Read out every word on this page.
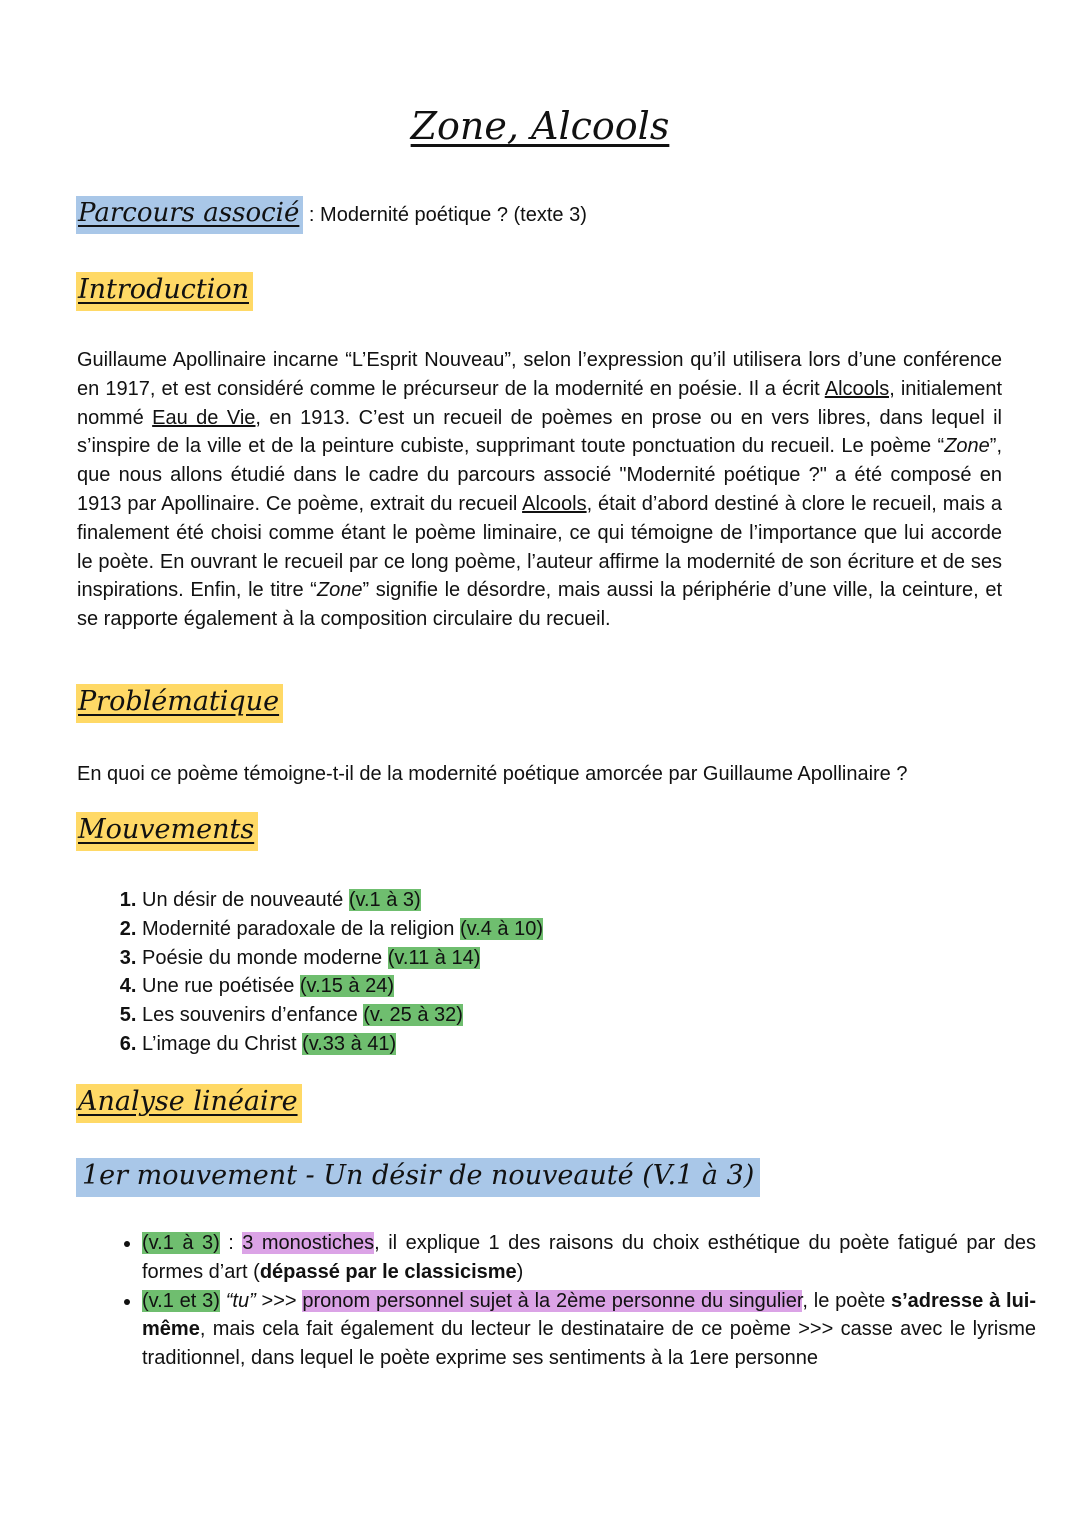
Zone, Alcools
Parcours associé : Modernité poétique ? (texte 3)
Introduction

Guillaume Apollinaire incarne “L’Esprit Nouveau”, selon l’expression qu’il utilisera lors d’une conférence en 1917, et est considéré comme le précurseur de la modernité en poésie. Il a écrit Alcools, initialement nommé Eau de Vie, en 1913. C’est un recueil de poèmes en prose ou en vers libres, dans lequel il s’inspire de la ville et de la peinture cubiste, supprimant toute ponctuation du recueil. Le poème “Zone”, que nous allons étudié dans le cadre du parcours associé "Modernité poétique ?" a été composé en 1913 par Apollinaire. Ce poème, extrait du recueil Alcools, était d’abord destiné à clore le recueil, mais a finalement été choisi comme étant le poème liminaire, ce qui témoigne de l’importance que lui accorde le poète. En ouvrant le recueil par ce long poème, l’auteur affirme la modernité de son écriture et de ses inspirations. Enfin, le titre “Zone” signifie le désordre, mais aussi la périphérie d’une ville, la ceinture, et se rapporte également à la composition circulaire du recueil.

Problématique

En quoi ce poème témoigne-t-il de la modernité poétique amorcée par Guillaume Apollinaire ?

Mouvements
1. Un désir de nouveauté (v.1 à 3)
2. Modernité paradoxale de la religion (v.4 à 10)
3. Poésie du monde moderne (v.11 à 14)
4. Une rue poétisée (v.15 à 24)
5. Les souvenirs d’enfance (v. 25 à 32)
6. L’image du Christ (v.33 à 41)
Analyse linéaire
1er mouvement - Un désir de nouveauté (V.1 à 3)
• (v.1 à 3) : 3 monostiches, il explique 1 des raisons du choix esthétique du poète fatigué par des formes d’art (dépassé par le classicisme)
• (v.1 et 3) “tu” >>> pronom personnel sujet à la 2ème personne du singulier, le poète s’adresse à lui-même, mais cela fait également du lecteur le destinataire de ce poème >>> casse avec le lyrisme traditionnel, dans lequel le poète exprime ses sentiments à la 1ere personne
